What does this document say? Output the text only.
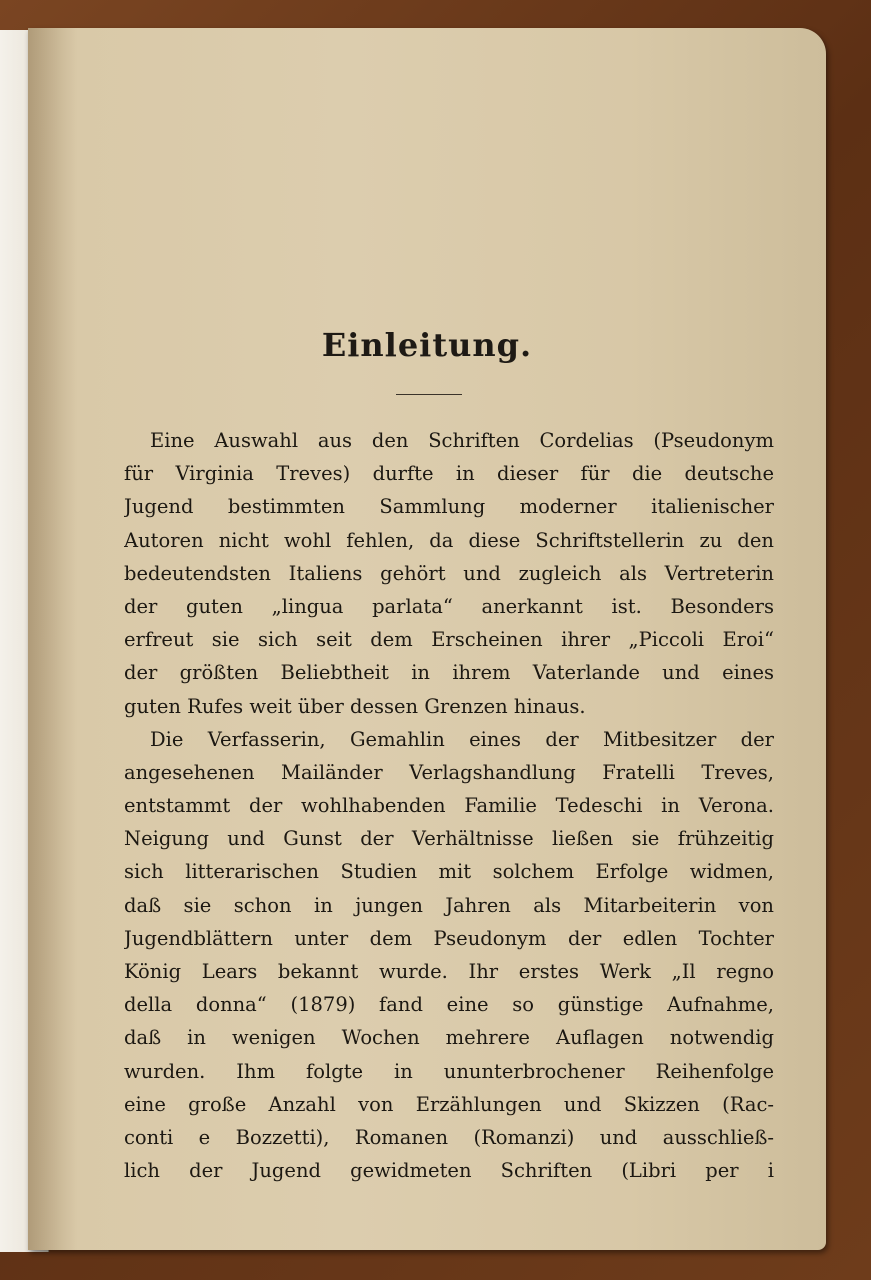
Einleitung.
Eine Auswahl aus den Schriften Cordelias (Pseudonym
für Virginia Treves) durfte in dieser für die deutsche
Jugend bestimmten Sammlung moderner italienischer
Autoren nicht wohl fehlen, da diese Schriftstellerin zu den
bedeutendsten Italiens gehört und zugleich als Vertreterin
der guten „lingua parlata“ anerkannt ist. Besonders
erfreut sie sich seit dem Erscheinen ihrer „Piccoli Eroi“
der größten Beliebtheit in ihrem Vaterlande und eines
guten Rufes weit über dessen Grenzen hinaus.
Die Verfasserin, Gemahlin eines der Mitbesitzer der
angesehenen Mailänder Verlagshandlung Fratelli Treves,
entstammt der wohlhabenden Familie Tedeschi in Verona.
Neigung und Gunst der Verhältnisse ließen sie frühzeitig
sich litterarischen Studien mit solchem Erfolge widmen,
daß sie schon in jungen Jahren als Mitarbeiterin von
Jugendblättern unter dem Pseudonym der edlen Tochter
König Lears bekannt wurde. Ihr erstes Werk „Il regno
della donna“ (1879) fand eine so günstige Aufnahme,
daß in wenigen Wochen mehrere Auflagen notwendig
wurden. Ihm folgte in ununterbrochener Reihenfolge
eine große Anzahl von Erzählungen und Skizzen (Rac-
conti e Bozzetti), Romanen (Romanzi) und ausschließ-
lich der Jugend gewidmeten Schriften (Libri per i
